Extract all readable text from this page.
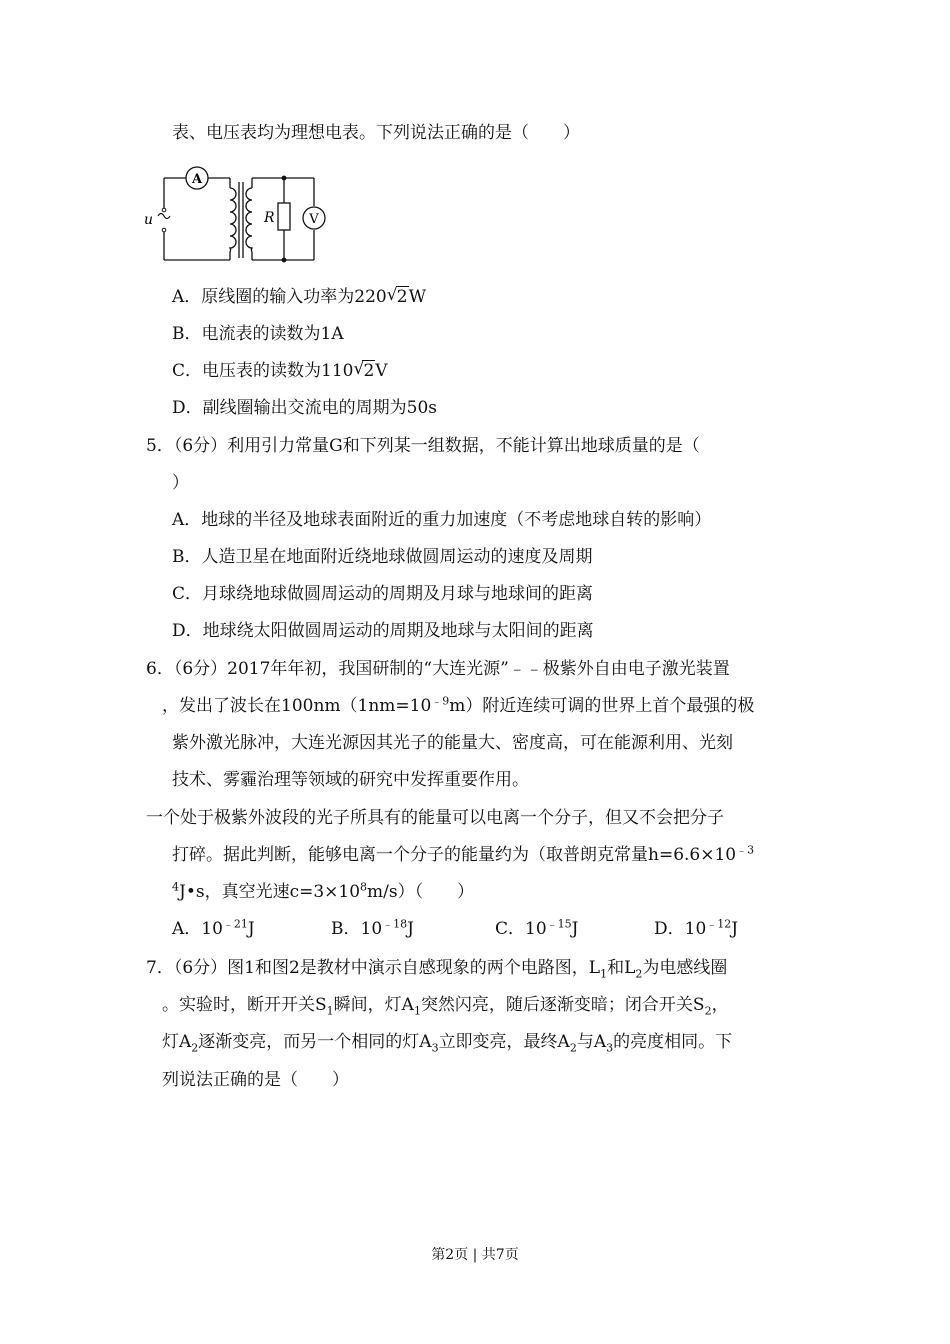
表、电压表均为理想电表。下列说法正确的是（　　）
A
R	V
u
A．原线圈的输入功率为220 √ 2W
B．电流表的读数为1A
C．电压表的读数为110 √ 2V
D．副线圈输出交流电的周期为50s
5．（6分）利用引力常量G和下列某一组数据，不能计算出地球质量的是（
）
A．地球的半径及地球表面附近的重力加速度（不考虑地球自转的影响）
B．人造卫星在地面附近绕地球做圆周运动的速度及周期
C．月球绕地球做圆周运动的周期及月球与地球间的距离
D．地球绕太阳做圆周运动的周期及地球与太阳间的距离
6．（6分）2017年年初，我国研制的“大连光源”﹣﹣极紫外自由电子激光装置
，发出了波长在$100nm(1nm=10^{﹣9}m)$附近连续可调的世界上首个最强的极
紫外激光脉冲，大连光源因其光子的能量大、密度高，可在能源利用、光刻
技术、雾霾治理等领域的研究中发挥重要作用。
一个处于极紫外波段的光子所具有的能量可以电离一个分子，但又不会把分子
打碎。据此判断，能够电离一个分子的能量约为（取普朗克常量$h=6.6\times 10^{﹣3}$
$^4$J•s，真空光速$c=3\times 10^8m/s$）（　　）
A．$10^{﹣21}J$	B．$10^{﹣18}J$	C．$10^{﹣15}J$	D．$10^{﹣12}J$
7．（6分）图1和图2是教材中演示自感现象的两个电路图，$L_1$和$L_2$为电感线圈
。实验时，断开开关$S_1$瞬间，灯$A_1$突然闪亮，随后逐渐变暗；闭合开关$S_2$，
灯$A_2$逐渐变亮，而另一个相同的灯$A_3$立即变亮，最终$A_2$与$A_3$的亮度相同。下
列说法正确的是（　　）
第2页 | 共7页
